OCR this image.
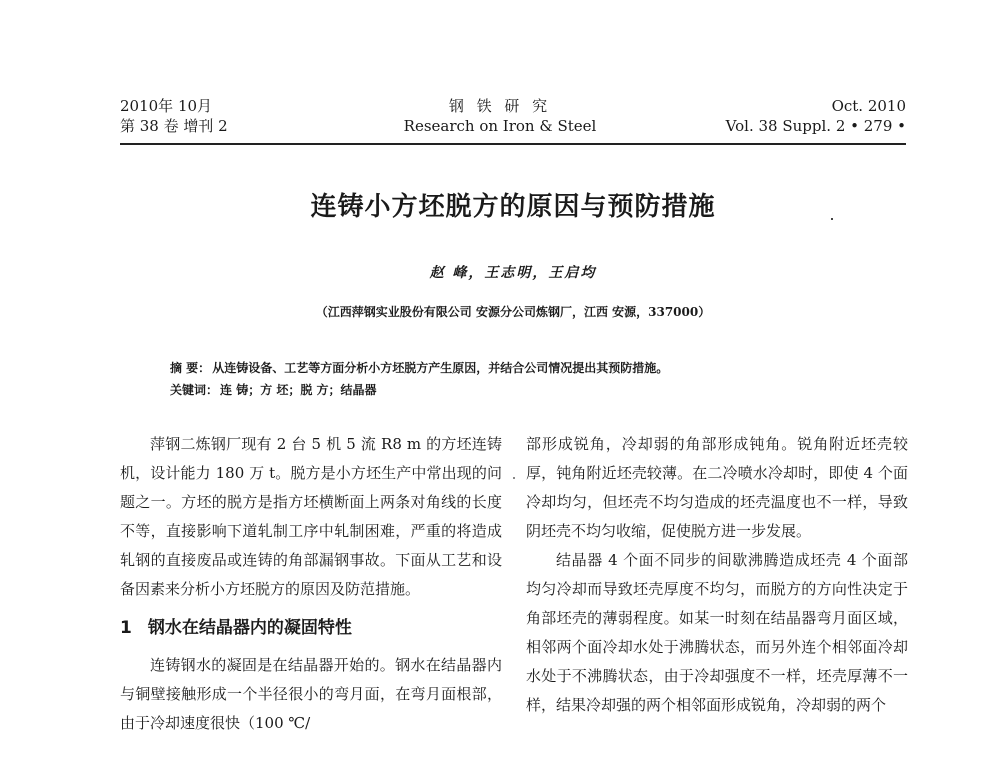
2010年 10月
第 38 卷 增刊 2
钢 铁 研 究
Research on Iron & Steel
Oct. 2010
Vol. 38 Suppl. 2 • 279 •
连铸小方坯脱方的原因与预防措施
赵 峰，王志明，王启均
（江西萍钢实业股份有限公司 安源分公司炼钢厂，江西 安源，337000）
摘 要： 从连铸设备、工艺等方面分析小方坯脱方产生原因，并结合公司情况提出其预防措施。
关键词： 连 铸；方 坯；脱 方；结晶器

萍钢二炼钢厂现有 2 台 5 机 5 流 R8 m 的方坯连铸机，设计能力 180 万 t。脱方是小方坯生产中常出现的问题之一。方坯的脱方是指方坯横断面上两条对角线的长度不等，直接影响下道轧制工序中轧制困难，严重的将造成轧钢的直接废品或连铸的角部漏钢事故。下面从工艺和设备因素来分析小方坯脱方的原因及防范措施。

1 钢水在结晶器内的凝固特性

连铸钢水的凝固是在结晶器开始的。钢水在结晶器内与铜壁接触形成一个半径很小的弯月面，在弯月面根部，由于冷却速度很快（100 ℃/

部形成锐角，冷却弱的角部形成钝角。锐角附近坯壳较厚，钝角附近坯壳较薄。在二冷喷水冷却时，即使 4 个面冷却均匀，但坯壳不均匀造成的坯壳温度也不一样，导致阴坯壳不均匀收缩，促使脱方进一步发展。

结晶器 4 个面不同步的间歇沸腾造成坯壳 4 个面部均匀冷却而导致坯壳厚度不均匀，而脱方的方向性决定于角部坯壳的薄弱程度。如某一时刻在结晶器弯月面区域，相邻两个面冷却水处于沸腾状态，而另外连个相邻面冷却水处于不沸腾状态，由于冷却强度不一样，坯壳厚薄不一样，结果冷却强的两个相邻面形成锐角，冷却弱的两个
